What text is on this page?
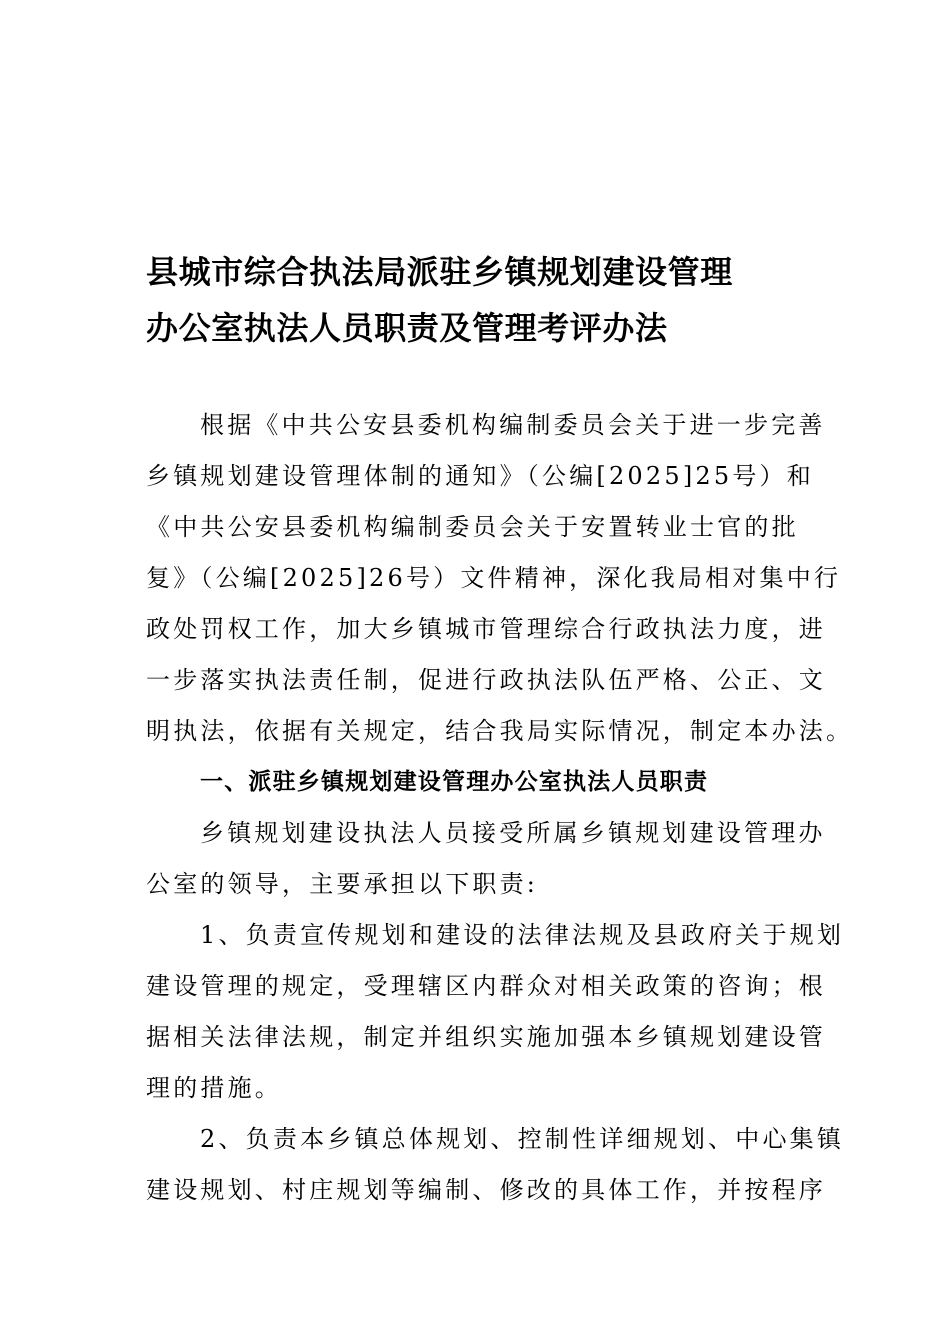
县城市综合执法局派驻乡镇规划建设管理
办公室执法人员职责及管理考评办法

根据《中共公安县委机构编制委员会关于进一步完善
乡镇规划建设管理体制的通知》（公编[2025]25号）和
《中共公安县委机构编制委员会关于安置转业士官的批
复》（公编[2025]26号）文件精神，深化我局相对集中行
政处罚权工作，加大乡镇城市管理综合行政执法力度，进
一步落实执法责任制，促进行政执法队伍严格、公正、文
明执法，依据有关规定，结合我局实际情况，制定本办法。

一、派驻乡镇规划建设管理办公室执法人员职责

乡镇规划建设执法人员接受所属乡镇规划建设管理办
公室的领导，主要承担以下职责:

1、负责宣传规划和建设的法律法规及县政府关于规划
建设管理的规定，受理辖区内群众对相关政策的咨询；根
据相关法律法规，制定并组织实施加强本乡镇规划建设管
理的措施。

2、负责本乡镇总体规划、控制性详细规划、中心集镇
建设规划、村庄规划等编制、修改的具体工作，并按程序
